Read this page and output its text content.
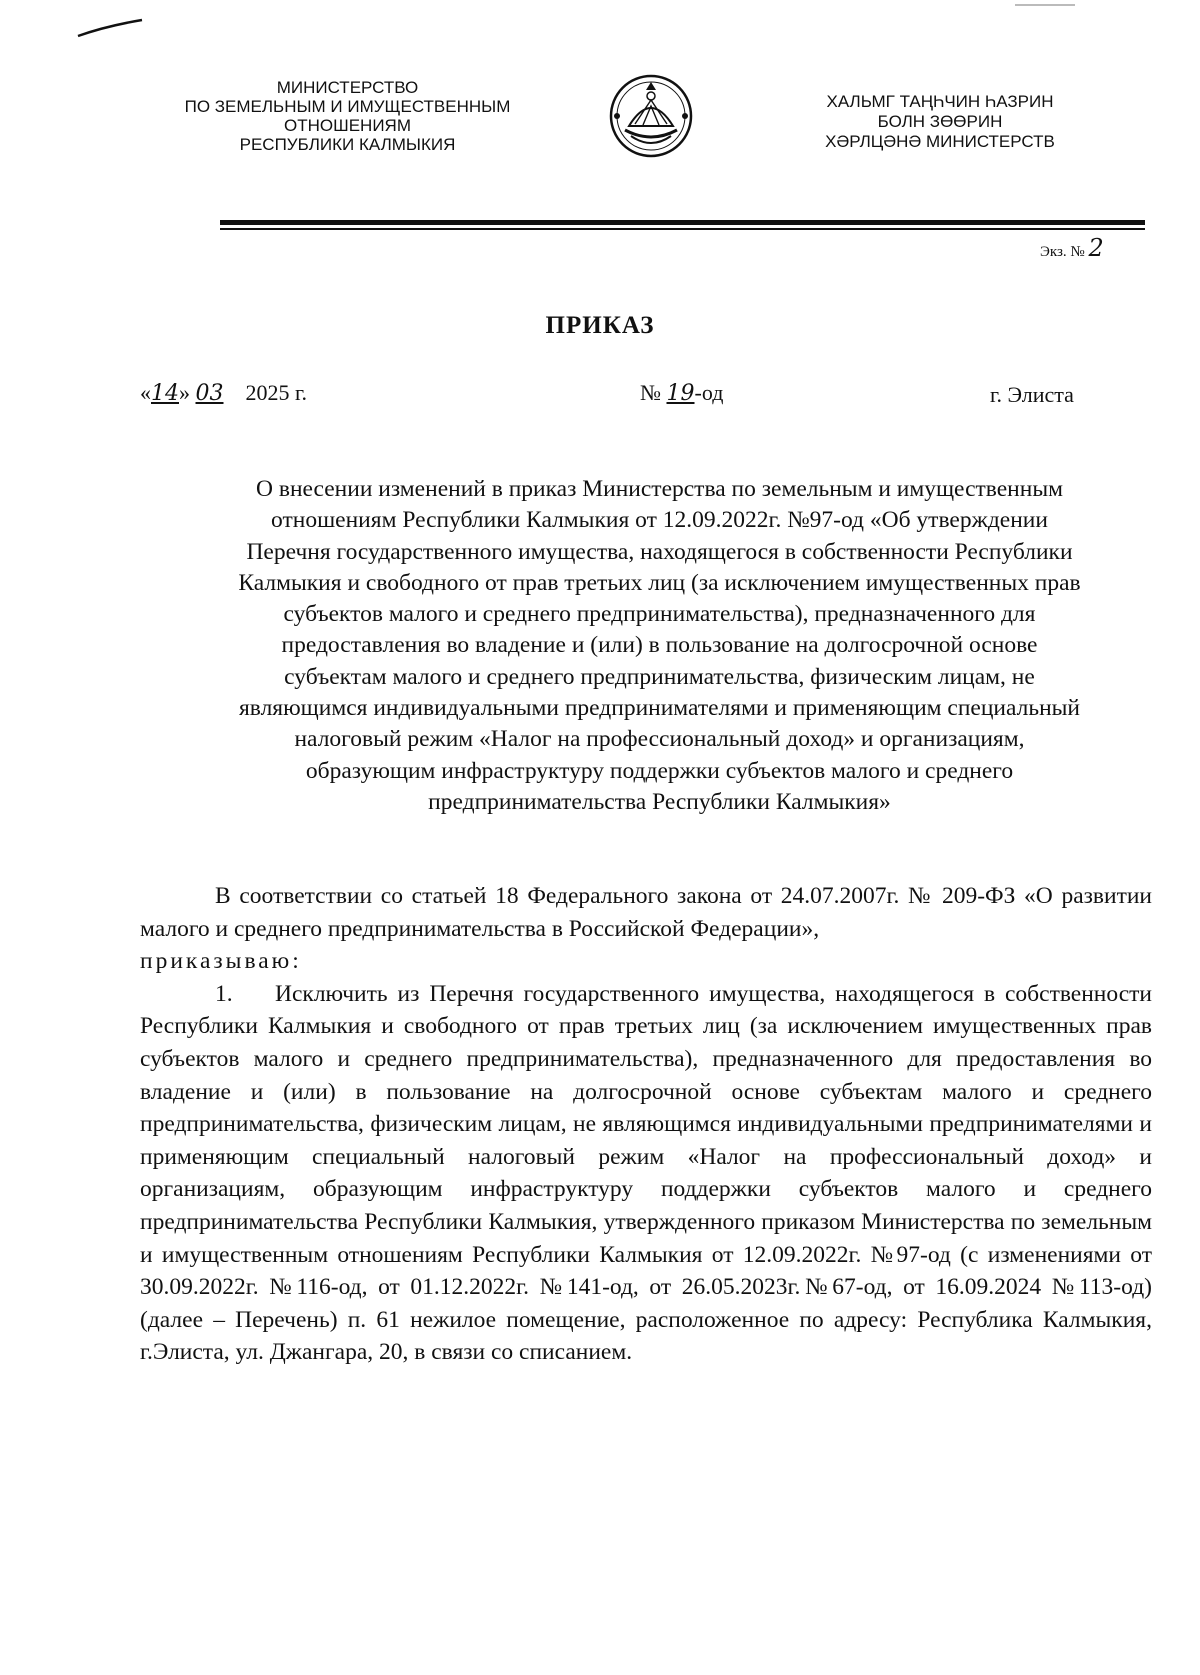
МИНИСТЕРСТВО
ПО ЗЕМЕЛЬНЫМ И ИМУЩЕСТВЕННЫМ
ОТНОШЕНИЯМ
РЕСПУБЛИКИ КАЛМЫКИЯ
ХАЛЬМГ ТАҢҺЧИН ҺАЗРИН
БОЛН ЗӨӨРИН
ХӘРЛЦӘНӘ МИНИСТЕРСТВ
Экз. № 2
ПРИКАЗ
«14» 03 2025 г.	№ 19-од	г. Элиста
О внесении изменений в приказ Министерства по земельным и имущественным
отношениям Республики Калмыкия от 12.09.2022г. №97-од «Об утверждении
Перечня государственного имущества, находящегося в собственности Республики
Калмыкия и свободного от прав третьих лиц (за исключением имущественных прав
субъектов малого и среднего предпринимательства), предназначенного для
предоставления во владение и (или) в пользование на долгосрочной основе
субъектам малого и среднего предпринимательства, физическим лицам, не
являющимся индивидуальными предпринимателями и применяющим специальный
налоговый режим «Налог на профессиональный доход» и организациям,
образующим инфраструктуру поддержки субъектов малого и среднего
предпринимательства Республики Калмыкия»

В соответствии со статьей 18 Федерального закона от 24.07.2007г. № 209-ФЗ «О развитии малого и среднего предпринимательства в Российской Федерации»,

приказываю:

1. Исключить из Перечня государственного имущества, находящегося в собственности Республики Калмыкия и свободного от прав третьих лиц (за исключением имущественных прав субъектов малого и среднего предпринимательства), предназначенного для предоставления во владение и (или) в пользование на долгосрочной основе субъектам малого и среднего предпринимательства, физическим лицам, не являющимся индивидуальными предпринимателями и применяющим специальный налоговый режим «Налог на профессиональный доход» и организациям, образующим инфраструктуру поддержки субъектов малого и среднего предпринимательства Республики Калмыкия, утвержденного приказом Министерства по земельным и имущественным отношениям Республики Калмыкия от 12.09.2022г. №97-од (с изменениями от 30.09.2022г. №116-од, от 01.12.2022г. №141-од, от 26.05.2023г.№67-од, от 16.09.2024 №113-од) (далее – Перечень) п. 61 нежилое помещение, расположенное по адресу: Республика Калмыкия, г.Элиста, ул. Джангара, 20, в связи со списанием.
